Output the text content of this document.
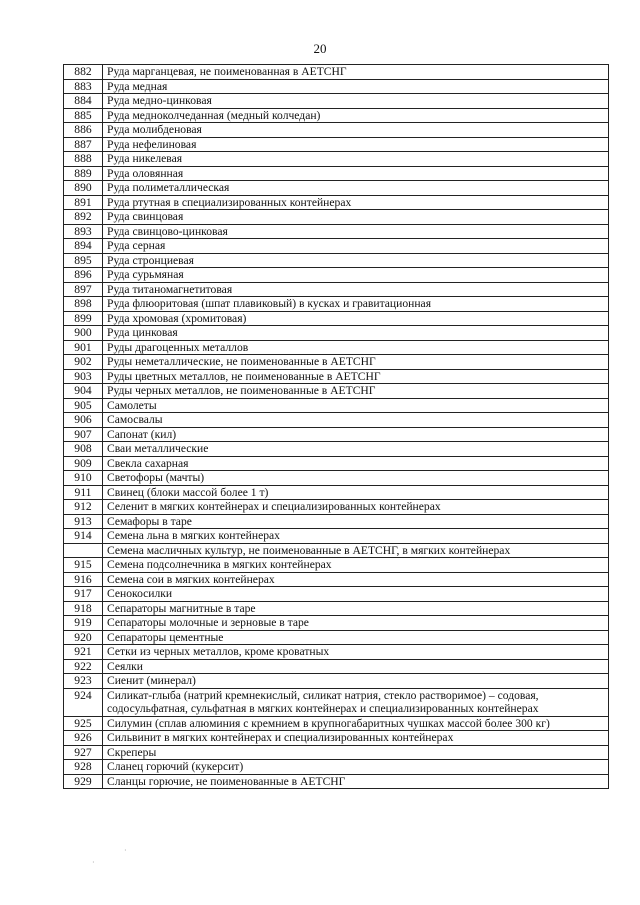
20
882	Руда марганцевая, не поименованная в АЕТСНГ
883	Руда медная
884	Руда медно-цинковая
885	Руда медноколчеданная (медный колчедан)
886	Руда молибденовая
887	Руда нефелиновая
888	Руда никелевая
889	Руда оловянная
890	Руда полиметаллическая
891	Руда ртутная в специализированных контейнерах
892	Руда свинцовая
893	Руда свинцово-цинковая
894	Руда серная
895	Руда стронциевая
896	Руда сурьмяная
897	Руда титаномагнетитовая
898	Руда флюоритовая (шпат плавиковый) в кусках и гравитационная
899	Руда хромовая (хромитовая)
900	Руда цинковая
901	Руды драгоценных металлов
902	Руды неметаллические, не поименованные в АЕТСНГ
903	Руды цветных металлов, не поименованные в АЕТСНГ
904	Руды черных металлов, не поименованные в АЕТСНГ
905	Самолеты
906	Самосвалы
907	Сапонат (кил)
908	Сваи металлические
909	Свекла сахарная
910	Светофоры (мачты)
911	Свинец (блоки массой более 1 т)
912	Селенит в мягких контейнерах и специализированных контейнерах
913	Семафоры в таре
914	Семена льна в мягких контейнерах
	Семена масличных культур, не поименованные в АЕТСНГ, в мягких контейнерах
915	Семена подсолнечника в мягких контейнерах
916	Семена сои в мягких контейнерах
917	Сенокосилки
918	Сепараторы магнитные в таре
919	Сепараторы молочные и зерновые в таре
920	Сепараторы цементные
921	Сетки из черных металлов, кроме кроватных
922	Сеялки
923	Сиенит (минерал)
924	Силикат-глыба (натрий кремнекислый, силикат натрия, стекло растворимое) – содовая, содосульфатная, сульфатная в мягких контейнерах и специализированных контейнерах
925	Силумин (сплав алюминия с кремнием в крупногабаритных чушках массой более 300 кг)
926	Сильвинит в мягких контейнерах и специализированных контейнерах
927	Скреперы
928	Сланец горючий (кукерсит)
929	Сланцы горючие, не поименованные в АЕТСНГ
·
·
